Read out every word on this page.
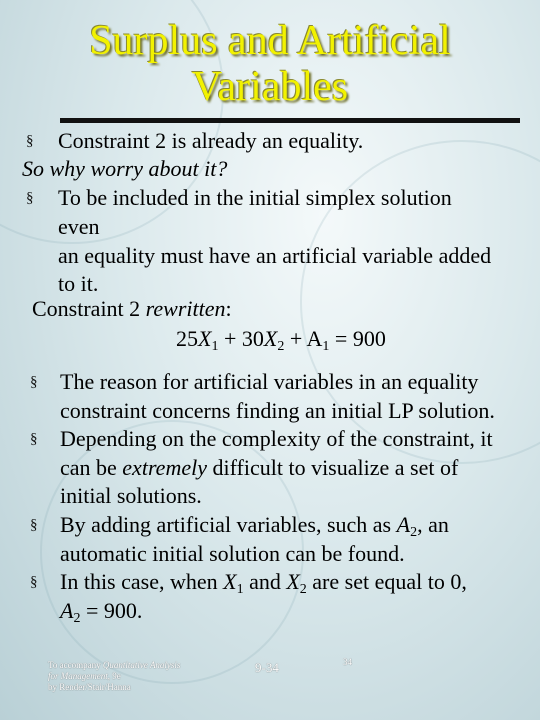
Surplus and Artificial
Variables
§ Constraint 2 is already an equality.
So why worry about it?
§ To be included in the initial simplex solution
even
an equality must have an artificial variable added
to it.
Constraint 2 rewritten:
$25X_1 + 30X_2 + A_1 = 900$
§ The reason for artificial variables in an equality
constraint concerns finding an initial LP solution.
§ Depending on the complexity of the constraint, it
can be extremely difficult to visualize a set of
initial solutions.
§ By adding artificial variables, such as $A_2$, an
automatic initial solution can be found.
§ In this case, when $X_1$ and $X_2$ are set equal to 0,
$A_2 = 900$.
To accompany Quantitative Analysis
for Management, 9e
by Render/Stair/Hanna
9-34	34
